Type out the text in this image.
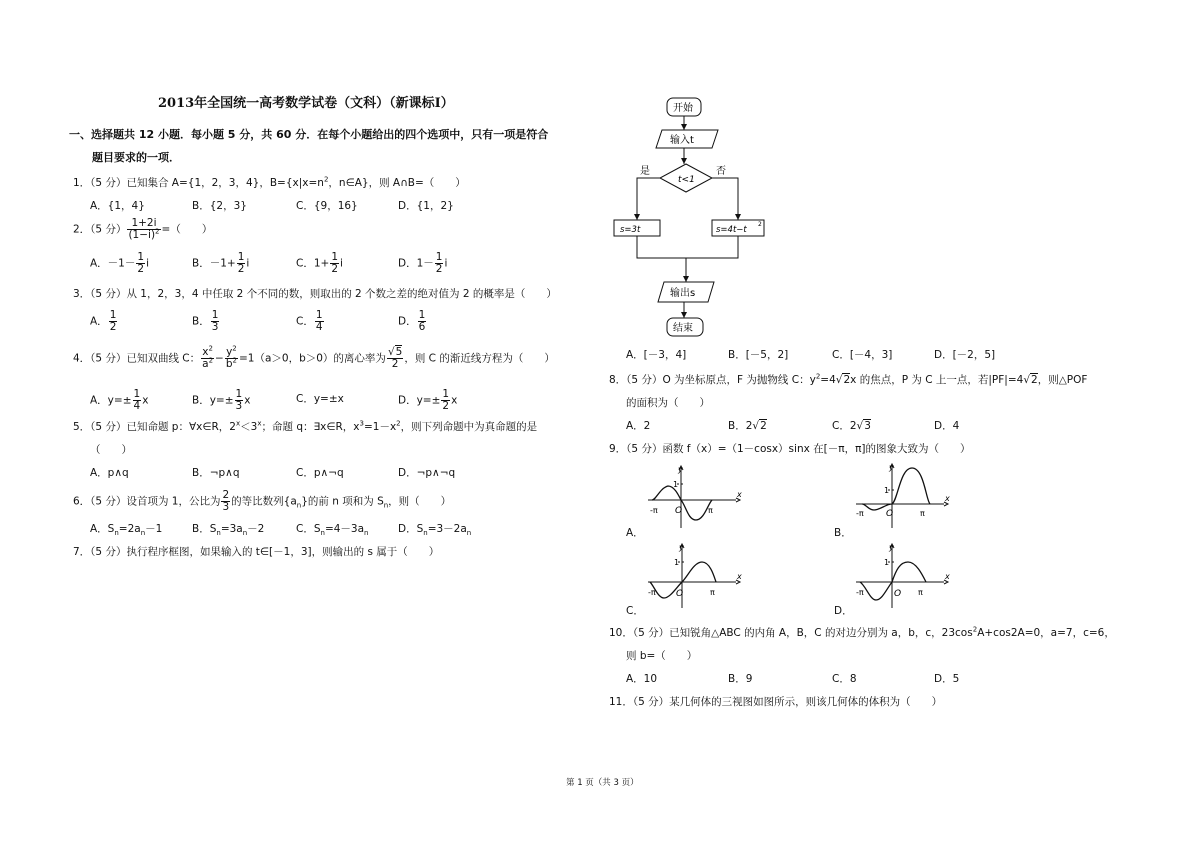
2013年全国统一高考数学试卷（文科）（新课标Ⅰ）
一、选择题共 12 小题．每小题 5 分，共 60 分．在每个小题给出的四个选项中，只有一项是符合
题目要求的一项．
1．（5 分）已知集合 A={1，2，3，4}，$B=\{x|x=n^2$，n∈A}，则 A∩B=（　　）
A．{1，4}	B．{2，3}	C．{9，16}	D．{1，2}
2．（5 分） $\frac{1+2i}{(1-i)^2}$ =（　　）
A．$-1- \frac{1}{2}$ i	B．$-1+ \frac{1}{2}$ i	C．$1+ \frac{1}{2}$ i	D．$1- \frac{1}{2}$ i
3．（5 分）从 1，2，3，4 中任取 2 个不同的数，则取出的 2 个数之差的绝对值为 2 的概率是（　　）
A． $\frac{1}{2}$	B． $\frac{1}{3}$	C． $\frac{1}{4}$	D． $\frac{1}{6}$
4．（5 分）已知双曲线 C： $\frac{x^2}{a^2} - \frac{y^2}{b^2} =1(a>0$，b＞0）的离心率为 $\frac{√5}{2}$ ，则 C 的渐近线方程为（　　）
A．$y=\pm \frac{1}{4}$ x	B．$y=\pm \frac{1}{3}$ x	C．y=±x	D．$y=\pm \frac{1}{2}$ x
5．（5 分）已知命题 p：∀x∈R，$2^x<3^x$；命题 q：∃x∈R，$x^3=1-x^2$，则下列命题中为真命题的是
（　　）
A．p∧q	B．¬p∧q	C．p∧¬q	D．¬p∧¬q
6．（5 分）设首项为 1，公比为 $\frac{2}{3}$ 的等比数列$\{a_n\}$的前 n 项和为 $S_n$，则（　　）
A．$S_n=2a_n-1$	B．$S_n=3a_n-2$	C．$S_n=4-3a_n$	D．$S_n=3-2a_n$
7．（5 分）执行程序框图，如果输入的 t∈[－1，3]，则输出的 s 属于（　　）
开始
输入t
t<1
是	否
s=3t	s=4t−t
2
输出s
结束
A．[－3，4]	B．[－5，2]	C．[－4，3]	D．[－2，5]
8．（5 分）O 为坐标原点，F 为抛物线 C：$y^2=4√2x$ 的焦点，P 为 C 上一点，若|PF|=4√2，则△POF
的面积为（　　）
A．2	B．2√2	C．2√3	D．4
9．（5 分）函数 f（x）=（1－cosx）sinx 在[－π，π]的图象大致为（　　）
y
x
1
O
-π	π
y
x
1
O
-π	π
y
x
1
O
-π	π
y
x
1
O
-π	π
A．	B．
C．	D．
10．（5 分）已知锐角△ABC 的内角 A，B，C 的对边分别为 a，b，c，$23\cos^2A+\cos 2A=0$，a=7，c=6，
则 b=（　　）
A．10	B．9	C．8	D．5
11．（5 分）某几何体的三视图如图所示，则该几何体的体积为（　　）
第 1 页（共 3 页）
